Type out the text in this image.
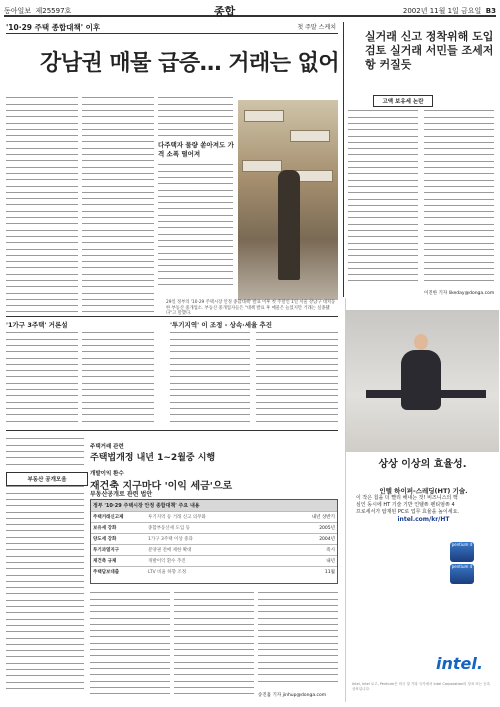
동아일보 제25597호	종합	2002년 11월 1일 금요일 B3
'10·29 주택 종합대책' 이후	첫 주말 스케치
강남권 매물 급증… 거래는 없어
다주택자 물량 쏟아져도 가격 소폭 떨어져
29일 정부의 '10·29 주택시장 안정 종합대책' 발표 이후 첫 주말인 1일 서울 강남구 대치동 한 부동산 중개업소. 부동산 중개업자들은 "대책 발표 후 매물은 늘었지만 거래는 실종됐다"고 말했다.
'1가구 3주택' 거론설	'투기지역' 이 조정 - 상속·세율 추진
부동산 공개모음
주택거래 관련
주택법개정 내년 1~2월중 시행
개발이익 환수
재건축 지구마다 '이익 세금'으로
부동산공개로 관련 법안
정부 '10·29 주택시장 안정 종합대책' 주요 내용
주택거래신고제	투기지역 등 거래 신고 의무화	내년 상반기
보유세 강화	종합부동산세 도입 등	2005년
양도세 강화	1가구 3주택 이상 중과	2004년
투기과열지구	분양권 전매 제한 확대	즉시
재건축 규제	개발이익 환수 추진	내년
주택담보대출	LTV 비율 하향 조정	11월
송진흡 기자 jinhup@donga.com
실거래 신고 정착위해 도입 검토 실거래 서민들 조세저항 커질듯
고액 보유세 논란
이진한 기자 likeday@donga.com
상상 이상의 효율성.
인텔 하이퍼-스레딩(HT) 기술.
이 작은 칩을 더 빨리 해내는 것! 비즈니스의 핵심인 동시에 HT 기술 기반 인텔® 펜티엄® 4 프로세서가 탑재된 PC로 업무 효율을 높이세요.
intel.com/kr/HT
pentium 4
pentium 4
intel.
Intel, Intel 로고, Pentium은 미국 및 기타 국가에서 Intel Corporation의 상표 또는 등록 상표입니다.
